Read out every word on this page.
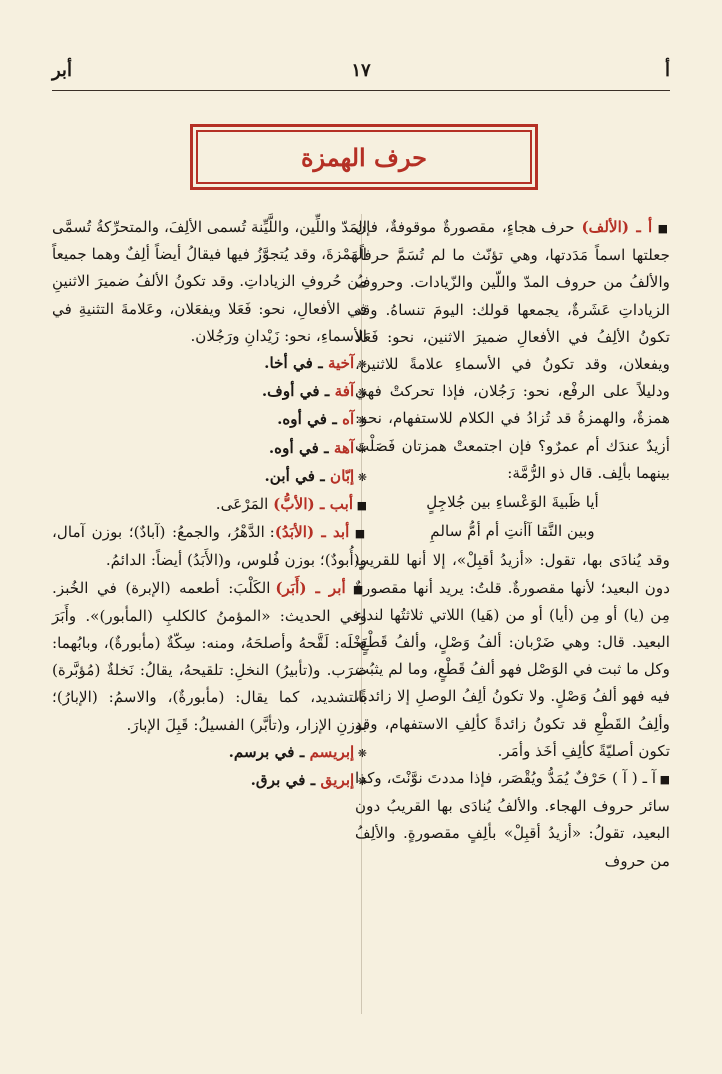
أبر	١٧	أ
حرف الهمزة

■ أ ـ (الألف) حرف هجاءٍ، مقصورةٌ موقوفةٌ، فإن جعلتها اسماً مَدَدتها، وهي تؤنّث ما لم تُسَمَّ حرفاً. والألفُ من حروف المدّ واللّين والزّيادات. وحروفُ الزياداتِ عَشَرةٌ، يجمعها قولك: اليومَ تنساهُ. وقد تكونُ الألِفُ في الأفعالِ ضميرَ الاثنين، نحو: فَعَلا ويفعلان، وقد تكونُ في الأسماءِ علامةً للاثنين، ودليلاً على الرفْع، نحو: رَجُلان، فإذا تحركتْ فهي همزةٌ، والهمزةُ قد تُزادُ في الكلام للاستفهام، نحو: أزيدٌ عندَك أم عمرٌو؟ فإن اجتمعتْ همزتان فَصَلْتَ بينهما بألِف. قال ذو الرُّمَّة:

أيا ظَبيةَ الوَعْساءِ بين جُلاجِلٍ

وبين النَّقا آأنتِ أم أمُّ سالمِ

وقد يُنادَى بها، تقول: «أزيدُ أقبِلْ»، إلا أنها للقريبِ دون البعيد؛ لأنها مقصورةٌ. قلتُ: يريد أنها مقصورةٌ مِن (يا) أو مِن (أيا) أو من (هَيا) اللاتي ثلاثتُها لنداء البعيد. قال: وهي ضَرْبان: ألفُ وَصْلٍ، وألفُ قَطْعٍ، وكل ما ثبت في الوَصْل فهو ألفُ قَطْعٍ، وما لم يثبُت فيه فهو ألفُ وَصْلٍ. ولا تكونُ ألِفُ الوصلِ إلا زائدةً، وألِفُ القَطْعِ قد تكونُ زائدةً كألِفِ الاستفهام، وقد تكون أصليّةً كألِفِ أخَذ وأمَر.

■ آ ـ ( آ ) حَرْفٌ يُمَدُّ ويُقْصَر، فإذا مددتَ نوَّنْتَ، وكذا سائر حروف الهجاء. والألفُ يُنادَى بها القريبُ دون البعيد، تقولُ: «أزيدُ أقبِلْ» بألِفٍ مقصورةٍ. والألِفُ من حروف

المَدّ واللِّين، واللَّيِّنة تُسمى الألِفَ، والمتحرِّكةُ تُسمَّى الهَمْزةَ، وقد يُتجوَّزُ فيها فيقالُ أيضاً ألِفٌ وهما جميعاً من حُروفِ الزياداتِ. وقد تكونُ الألفُ ضميرَ الاثنينِ في الأفعالِ، نحو: فَعَلا ويفعَلان، وعَلامةَ التثنيةِ في الأسماءِ، نحو: زَيْدانِ ورَجُلان.

❋ آخية ـ في أخا.

❋ آفة ـ في أوف.

❋ آه ـ في أوه.

❋ آهة ـ في أوه.

❋ إبّان ـ في أبن.

■ أبب ـ (الأبُّ) المَرْعَى.

■ أبد ـ (الأبَدُ): الدَّهْرُ، والجمعُ: (آبادٌ)؛ بوزن آمال، و(أُبودٌ)؛ بوزن فُلوس، و(الأَبَدُ) أيضاً: الدائمُ.

■ أبر ـ (أَبَر) الكَلْبَ: أطعمه (الإبرة) في الخُبز. وفي الحديث: «المؤمنُ كالكلبِ (المأبور)». وأَبَرَ نَخْلَه: لَقَّحهُ وأصلحَهُ، ومنه: سِكّةٌ (مأبورةٌ)، وبابُهما: ضرَب. و(تأبيرُ) النخلِ: تلقيحهُ، يقالُ: نَخلةٌ (مُؤبَّرة) بالتشديد، كما يقال: (مأبورةٌ)، والاسمُ: (الإبارُ)؛ بوزنِ الإزار، و(تأبَّر) الفسيلُ: قَبِلَ الإبارَ.

❋ إبريسم ـ في برسم.

❋ إبريق ـ في برق.
